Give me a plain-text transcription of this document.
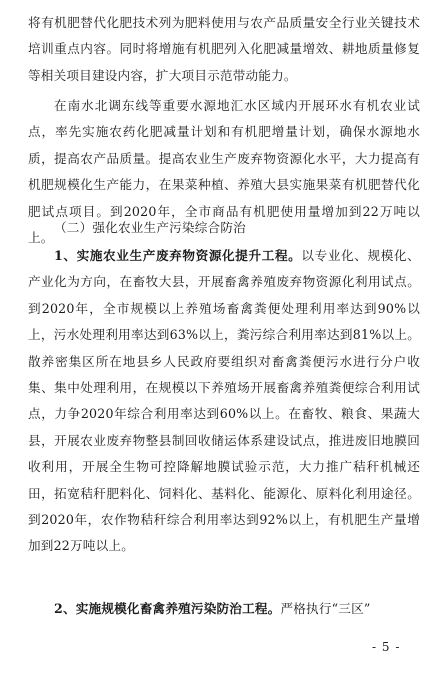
将有机肥替代化肥技术列为肥料使用与农产品质量安全行业关键技术培训重点内容。同时将增施有机肥列入化肥减量增效、耕地质量修复等相关项目建设内容，扩大项目示范带动能力。

在南水北调东线等重要水源地汇水区域内开展环水有机农业试点，率先实施农药化肥减量计划和有机肥增量计划，确保水源地水质，提高农产品质量。提高农业生产废弃物资源化水平，大力提高有机肥规模化生产能力，在果菜种植、养殖大县实施果菜有机肥替代化肥试点项目。到2020年，全市商品有机肥使用量增加到22万吨以上。

（二）强化农业生产污染综合防治

1、实施农业生产废弃物资源化提升工程。以专业化、规模化、产业化为方向，在畜牧大县，开展畜禽养殖废弃物资源化利用试点。到2020年，全市规模以上养殖场畜禽粪便处理利用率达到90%以上，污水处理利用率达到63%以上，粪污综合利用率达到81%以上。散养密集区所在地县乡人民政府要组织对畜禽粪便污水进行分户收集、集中处理利用，在规模以下养殖场开展畜禽养殖粪便综合利用试点，力争2020年综合利用率达到60%以上。在畜牧、粮食、果蔬大县，开展农业废弃物整县制回收储运体系建设试点，推进废旧地膜回收利用，开展全生物可控降解地膜试验示范，大力推广秸秆机械还田，拓宽秸秆肥料化、饲料化、基料化、能源化、原料化利用途径。到2020年，农作物秸秆综合利用率达到92%以上，有机肥生产量增加到22万吨以上。

2、实施规模化畜禽养殖污染防治工程。严格执行“三区”

- 5 -
